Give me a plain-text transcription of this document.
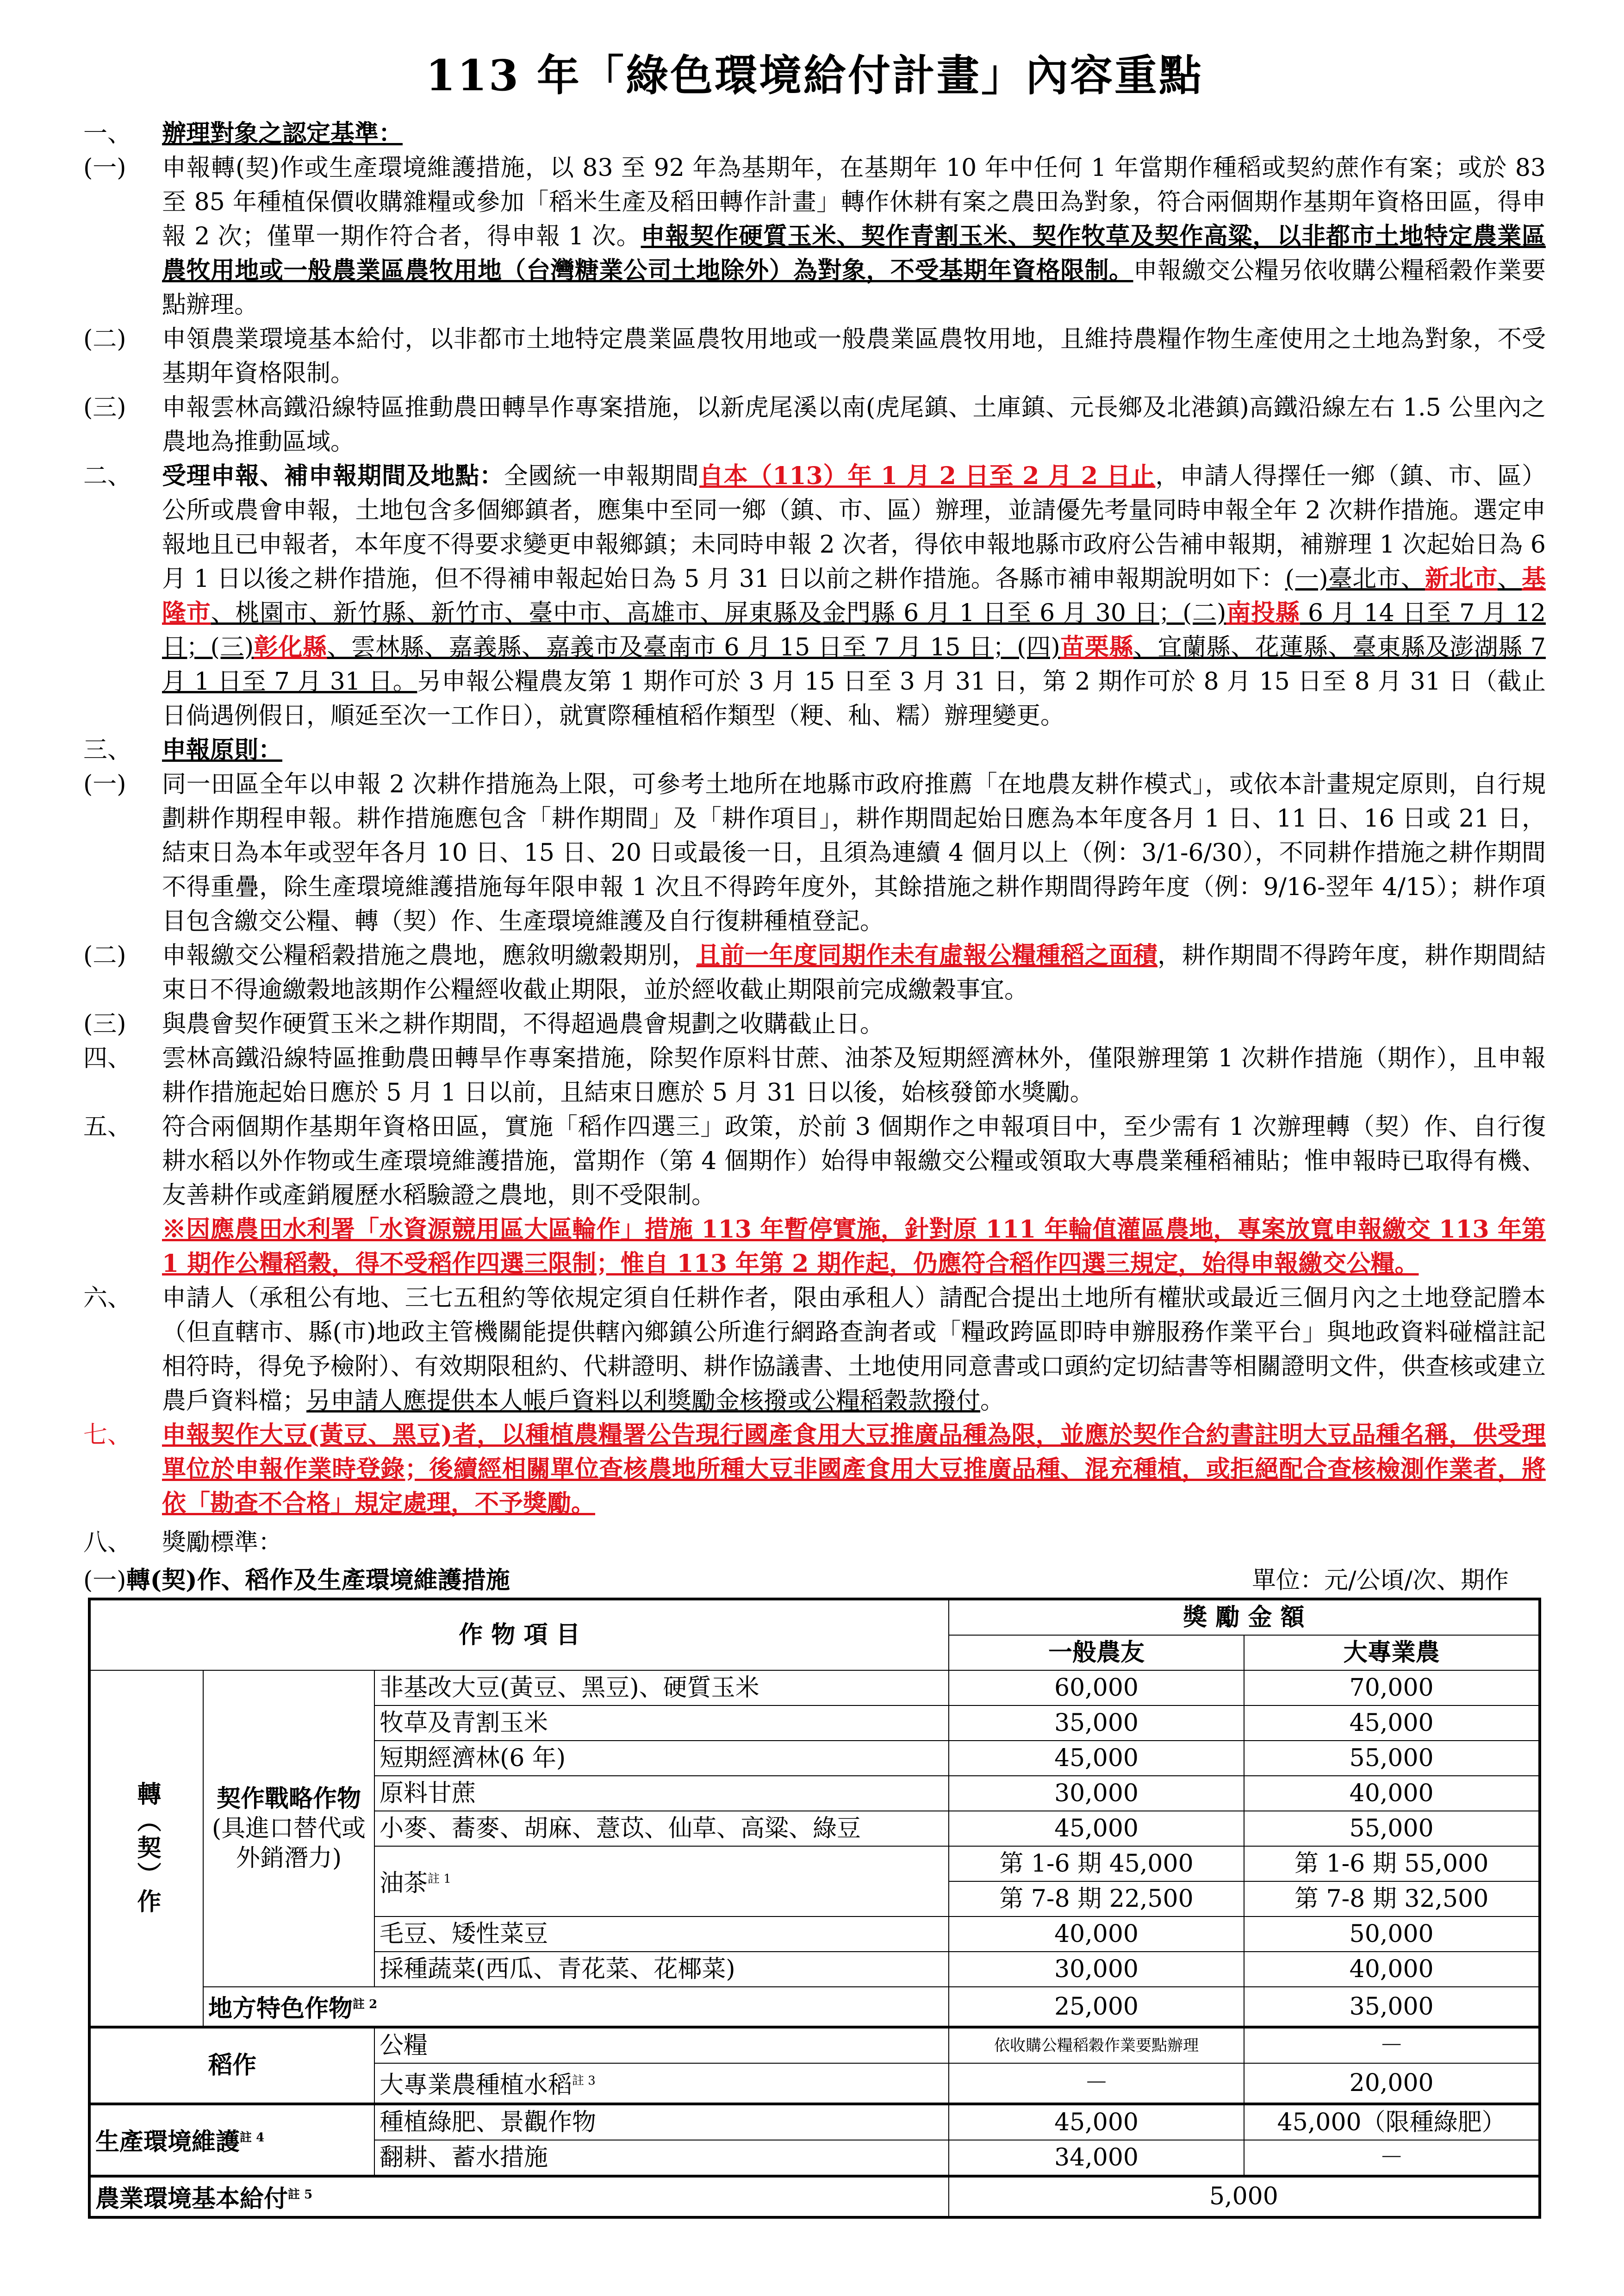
113 年「綠色環境給付計畫」內容重點
一、	辦理對象之認定基準：
(一)	申報轉(契)作或生產環境維護措施，以 83 至 92 年為基期年，在基期年 10 年中任何 1 年當期作種稻或契約蔗作有案；或於 83 至 85 年種植保價收購雜糧或參加「稻米生產及稻田轉作計畫」轉作休耕有案之農田為對象，符合兩個期作基期年資格田區，得申報 2 次；僅單一期作符合者，得申報 1 次。申報契作硬質玉米、契作青割玉米、契作牧草及契作高粱，以非都市土地特定農業區農牧用地或一般農業區農牧用地（台灣糖業公司土地除外）為對象，不受基期年資格限制。申報繳交公糧另依收購公糧稻穀作業要點辦理。
(二)	申領農業環境基本給付，以非都市土地特定農業區農牧用地或一般農業區農牧用地，且維持農糧作物生產使用之土地為對象，不受基期年資格限制。
(三)	申報雲林高鐵沿線特區推動農田轉旱作專案措施，以新虎尾溪以南(虎尾鎮、土庫鎮、元長鄉及北港鎮)高鐵沿線左右 1.5 公里內之農地為推動區域。
二、	受理申報、補申報期間及地點：全國統一申報期間自本（113）年 1 月 2 日至 2 月 2 日止，申請人得擇任一鄉（鎮、市、區）公所或農會申報，土地包含多個鄉鎮者，應集中至同一鄉（鎮、市、區）辦理，並請優先考量同時申報全年 2 次耕作措施。選定申報地且已申報者，本年度不得要求變更申報鄉鎮；未同時申報 2 次者，得依申報地縣市政府公告補申報期，補辦理 1 次起始日為 6 月 1 日以後之耕作措施，但不得補申報起始日為 5 月 31 日以前之耕作措施。各縣市補申報期說明如下：(一)臺北市、新北市、基隆市、桃園市、新竹縣、新竹市、臺中市、高雄市、屏東縣及金門縣 6 月 1 日至 6 月 30 日；(二)南投縣 6 月 14 日至 7 月 12 日；(三)彰化縣、雲林縣、嘉義縣、嘉義市及臺南市 6 月 15 日至 7 月 15 日；(四)苗栗縣、宜蘭縣、花蓮縣、臺東縣及澎湖縣 7 月 1 日至 7 月 31 日。另申報公糧農友第 1 期作可於 3 月 15 日至 3 月 31 日，第 2 期作可於 8 月 15 日至 8 月 31 日（截止日倘遇例假日，順延至次一工作日），就實際種植稻作類型（粳、秈、糯）辦理變更。
三、	申報原則：
(一)	同一田區全年以申報 2 次耕作措施為上限，可參考土地所在地縣市政府推薦「在地農友耕作模式」，或依本計畫規定原則，自行規劃耕作期程申報。耕作措施應包含「耕作期間」及「耕作項目」，耕作期間起始日應為本年度各月 1 日、11 日、16 日或 21 日，結束日為本年或翌年各月 10 日、15 日、20 日或最後一日，且須為連續 4 個月以上（例：3/1-6/30），不同耕作措施之耕作期間不得重疊，除生產環境維護措施每年限申報 1 次且不得跨年度外，其餘措施之耕作期間得跨年度（例：9/16-翌年 4/15）；耕作項目包含繳交公糧、轉（契）作、生產環境維護及自行復耕種植登記。
(二)	申報繳交公糧稻穀措施之農地，應敘明繳穀期別，且前一年度同期作未有虛報公糧種稻之面積，耕作期間不得跨年度，耕作期間結束日不得逾繳穀地該期作公糧經收截止期限，並於經收截止期限前完成繳穀事宜。
(三)	與農會契作硬質玉米之耕作期間，不得超過農會規劃之收購截止日。
四、	雲林高鐵沿線特區推動農田轉旱作專案措施，除契作原料甘蔗、油茶及短期經濟林外，僅限辦理第 1 次耕作措施（期作），且申報耕作措施起始日應於 5 月 1 日以前，且結束日應於 5 月 31 日以後，始核發節水獎勵。
五、	符合兩個期作基期年資格田區，實施「稻作四選三」政策，於前 3 個期作之申報項目中，至少需有 1 次辦理轉（契）作、自行復耕水稻以外作物或生產環境維護措施，當期作（第 4 個期作）始得申報繳交公糧或領取大專農業種稻補貼；惟申報時已取得有機、友善耕作或產銷履歷水稻驗證之農地，則不受限制。
※因應農田水利署「水資源競用區大區輪作」措施 113 年暫停實施，針對原 111 年輪值灌區農地，專案放寬申報繳交 113 年第 1 期作公糧稻穀，得不受稻作四選三限制；惟自 113 年第 2 期作起，仍應符合稻作四選三規定，始得申報繳交公糧。
六、	申請人（承租公有地、三七五租約等依規定須自任耕作者，限由承租人）請配合提出土地所有權狀或最近三個月內之土地登記謄本 （但直轄市、縣(市)地政主管機關能提供轄內鄉鎮公所進行網路查詢者或「糧政跨區即時申辦服務作業平台」與地政資料碰檔註記相符時，得免予檢附）、有效期限租約、代耕證明、耕作協議書、土地使用同意書或口頭約定切結書等相關證明文件，供查核或建立農戶資料檔；另申請人應提供本人帳戶資料以利獎勵金核撥或公糧稻穀款撥付。
七、	申報契作大豆(黃豆、黑豆)者，以種植農糧署公告現行國產食用大豆推廣品種為限，並應於契作合約書註明大豆品種名稱，供受理單位於申報作業時登錄；後續經相關單位查核農地所種大豆非國產食用大豆推廣品種、混充種植，或拒絕配合查核檢測作業者，將依「勘查不合格」規定處理，不予獎勵。
八、	獎勵標準：
(一)轉(契)作、稻作及生產環境維護措施	單位：元/公頃/次、期作
作 物 項 目			獎 勵 金 額	
			一般農友	大專業農
轉（契）作	契作戰略作物
(具進口替代或外銷潛力)	非基改大豆(黃豆、黑豆)、硬質玉米	60,000	70,000
		牧草及青割玉米	35,000	45,000
		短期經濟林(6 年)	45,000	55,000
		原料甘蔗	30,000	40,000
		小麥、蕎麥、胡麻、薏苡、仙草、高粱、綠豆	45,000	55,000
		油茶$^{註 1}$	第 1-6 期 45,000	第 1-6 期 55,000
			第 7-8 期 22,500	第 7-8 期 32,500
		毛豆、矮性菜豆	40,000	50,000
		採種蔬菜(西瓜、青花菜、花椰菜)	30,000	40,000
	地方特色作物$^{註 2}$		25,000	35,000
稻作		公糧	依收購公糧稻穀作業要點辦理	－
		大專業農種植水稻$^{註 3}$	－	20,000
生產環境維護$^{註 4}$		種植綠肥、景觀作物	45,000	45,000（限種綠肥）
		翻耕、蓄水措施	34,000	－
農業環境基本給付$^{註 5}$			5,000	
